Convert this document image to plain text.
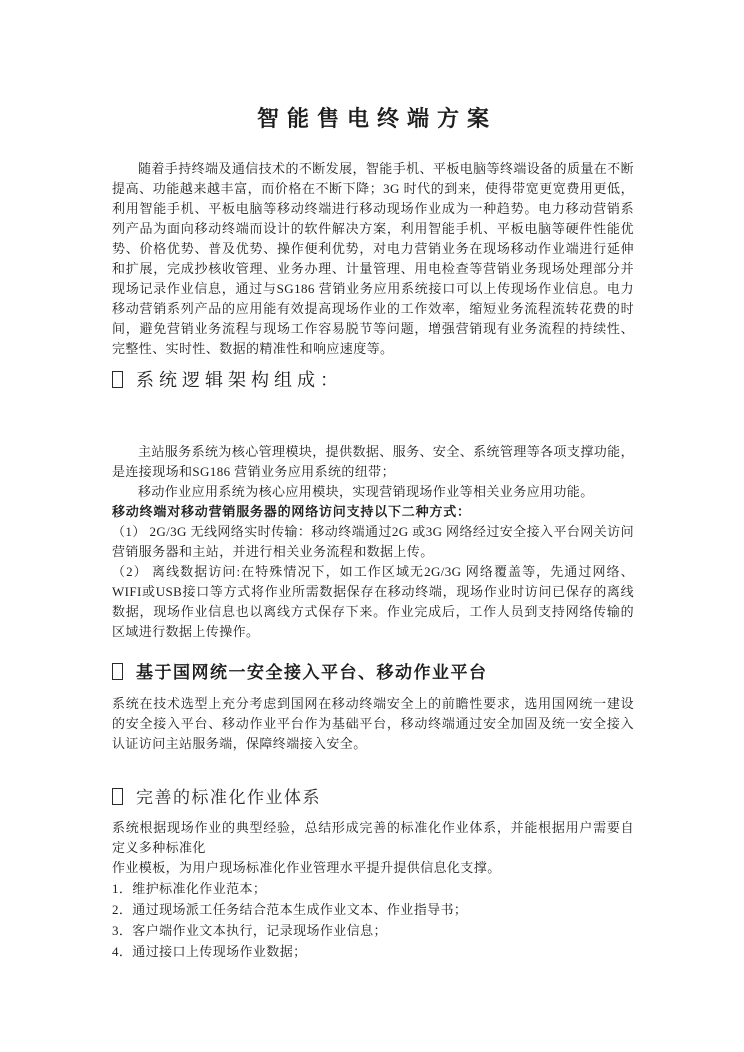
智能售电终端方案

随着手持终端及通信技术的不断发展，智能手机、平板电脑等终端设备的质量在不断提高、功能越来越丰富，而价格在不断下降；3G 时代的到来，使得带宽更宽费用更低，利用智能手机、平板电脑等移动终端进行移动现场作业成为一种趋势。电力移动营销系列产品为面向移动终端而设计的软件解决方案，利用智能手机、平板电脑等硬件性能优势、价格优势、普及优势、操作便利优势，对电力营销业务在现场移动作业端进行延伸和扩展，完成抄核收管理、业务办理、计量管理、用电检查等营销业务现场处理部分并现场记录作业信息，通过与SG186 营销业务应用系统接口可以上传现场作业信息。电力移动营销系列产品的应用能有效提高现场作业的工作效率，缩短业务流程流转花费的时间，避免营销业务流程与现场工作容易脱节等问题，增强营销现有业务流程的持续性、完整性、实时性、数据的精准性和响应速度等。

系统逻辑架构组成：

主站服务系统为核心管理模块，提供数据、服务、安全、系统管理等各项支撑功能，是连接现场和SG186 营销业务应用系统的纽带；

移动作业应用系统为核心应用模块，实现营销现场作业等相关业务应用功能。

移动终端对移动营销服务器的网络访问支持以下二种方式：

（1） 2G/3G 无线网络实时传输：移动终端通过2G 或3G 网络经过安全接入平台网关访问营销服务器和主站，并进行相关业务流程和数据上传。

（2） 离线数据访问:在特殊情况下，如工作区域无2G/3G 网络覆盖等，先通过网络、WIFI或USB接口等方式将作业所需数据保存在移动终端，现场作业时访问已保存的离线数据，现场作业信息也以离线方式保存下来。作业完成后，工作人员到支持网络传输的区域进行数据上传操作。

基于国网统一安全接入平台、移动作业平台

系统在技术选型上充分考虑到国网在移动终端安全上的前瞻性要求，选用国网统一建设的安全接入平台、移动作业平台作为基础平台，移动终端通过安全加固及统一安全接入认证访问主站服务端，保障终端接入安全。

完善的标准化作业体系

系统根据现场作业的典型经验，总结形成完善的标准化作业体系，并能根据用户需要自定义多种标准化

作业模板，为用户现场标准化作业管理水平提升提供信息化支撑。

1．维护标准化作业范本；
2．通过现场派工任务结合范本生成作业文本、作业指导书；
3．客户端作业文本执行，记录现场作业信息；
4．通过接口上传现场作业数据；
